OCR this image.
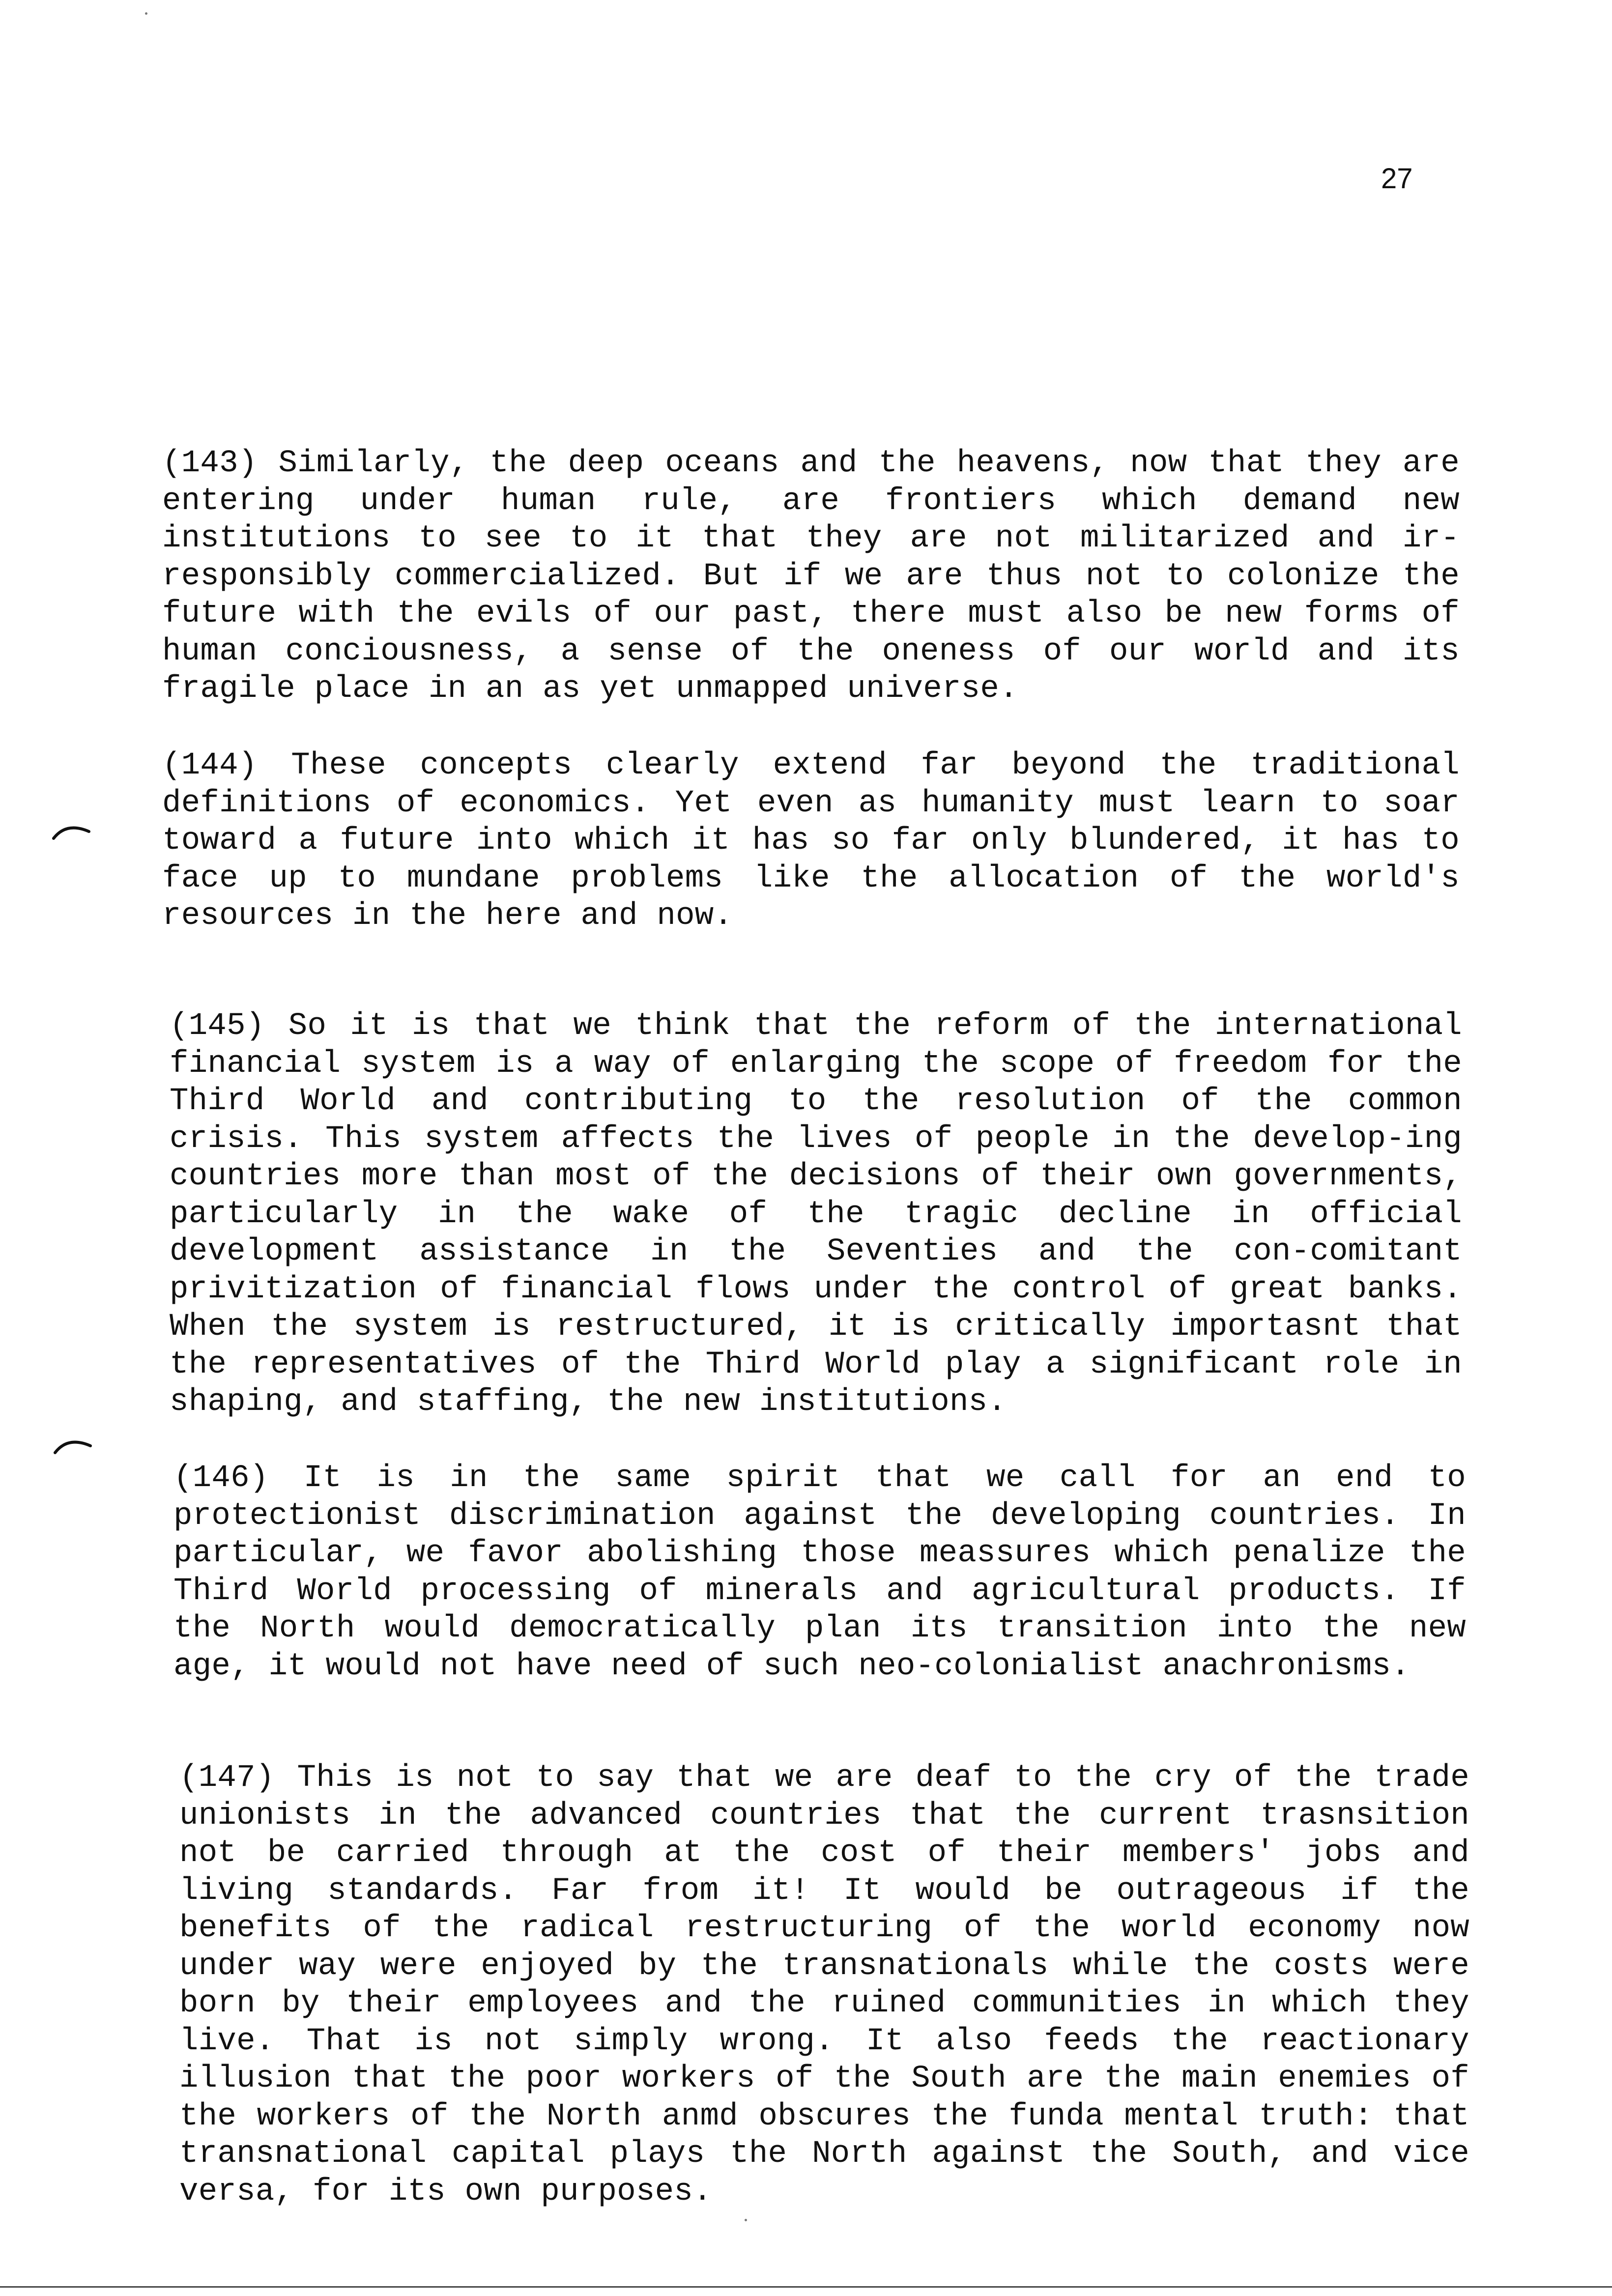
27

(143) Similarly, the deep oceans and the heavens, now that they are entering under human rule, are frontiers which demand new institutions to see to it that they are not militarized and ir-responsibly commercialized. But if we are thus not to colonize the future with the evils of our past, there must also be new forms of human conciousness, a sense of the oneness of our world and its fragile place in an as yet unmapped universe.

(144) These concepts clearly extend far beyond the traditional definitions of economics. Yet even as humanity must learn to soar toward a future into which it has so far only blundered, it has to face up to mundane problems like the allocation of the world's resources in the here and now.

(145) So it is that we think that the reform of the international financial system is a way of enlarging the scope of freedom for the Third World and contributing to the resolution of the common crisis. This system affects the lives of people in the develop-ing countries more than most of the decisions of their own governments, particularly in the wake of the tragic decline in official development assistance in the Seventies and the con-comitant privitization of financial flows under the control of great banks. When the system is restructured, it is critically importasnt that the representatives of the Third World play a significant role in shaping, and staffing, the new institutions.

(146) It is in the same spirit that we call for an end to protectionist discrimination against the developing countries. In particular, we favor abolishing those meassures which penalize the Third World processing of minerals and agricultural products. If the North would democratically plan its transition into the new age, it would not have need of such neo-colonialist anachronisms.

(147) This is not to say that we are deaf to the cry of the trade unionists in the advanced countries that the current trasnsition not be carried through at the cost of their members' jobs and living standards. Far from it! It would be outrageous if the benefits of the radical restructuring of the world economy now under way were enjoyed by the transnationals while the costs were born by their employees and the ruined communities in which they live. That is not simply wrong. It also feeds the reactionary illusion that the poor workers of the South are the main enemies of the workers of the North anmd obscures the funda mental truth: that transnational capital plays the North against the South, and vice versa, for its own purposes.
